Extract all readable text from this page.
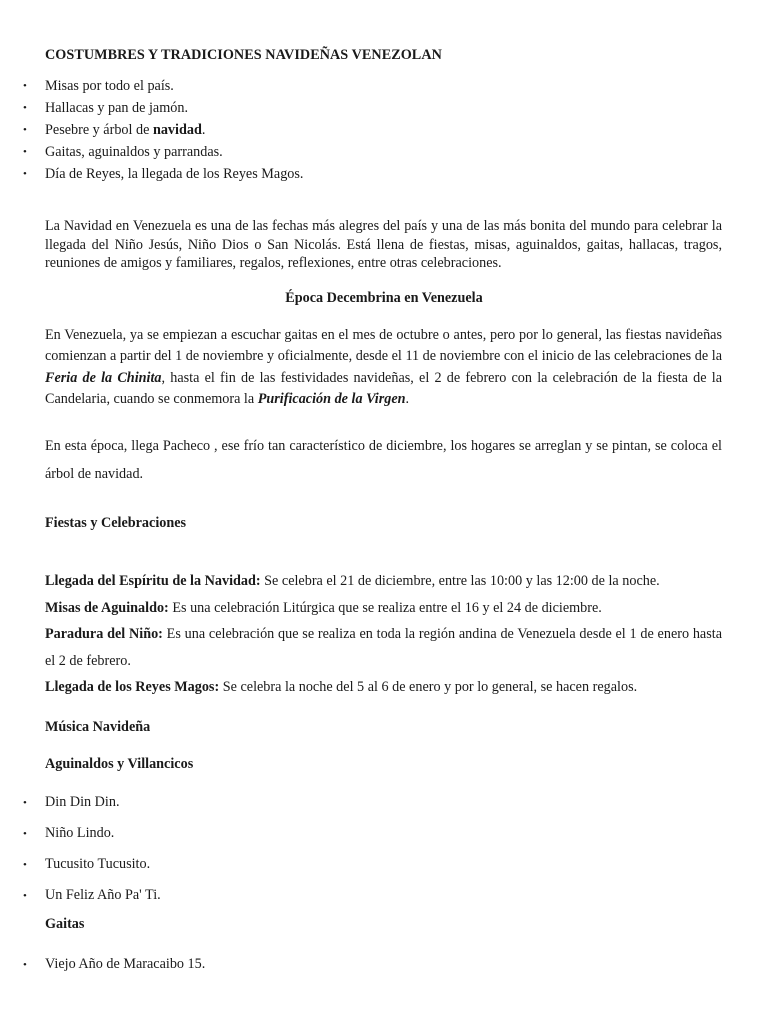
COSTUMBRES Y TRADICIONES NAVIDEÑAS VENEZOLAN
• Misas por todo el país.
• Hallacas y pan de jamón.
• Pesebre y árbol de navidad.
• Gaitas, aguinaldos y parrandas.
• Día de Reyes, la llegada de los Reyes Magos.

La Navidad en Venezuela es una de las fechas más alegres del país y una de las más bonita del mundo para celebrar la llegada del Niño Jesús, Niño Dios o San Nicolás. Está llena de fiestas, misas, aguinaldos, gaitas, hallacas, tragos, reuniones de amigos y familiares, regalos, reflexiones, entre otras celebraciones.

Época Decembrina en Venezuela

En Venezuela, ya se empiezan a escuchar gaitas en el mes de octubre o antes, pero por lo general, las fiestas navideñas comienzan a partir del 1 de noviembre y oficialmente, desde el 11 de noviembre con el inicio de las celebraciones de la Feria de la Chinita, hasta el fin de las festividades navideñas, el 2 de febrero con la celebración de la fiesta de la Candelaria, cuando se conmemora la Purificación de la Virgen.

En esta época, llega Pacheco , ese frío tan característico de diciembre, los hogares se arreglan y se pintan, se coloca el árbol de navidad.

Fiestas y Celebraciones

Llegada del Espíritu de la Navidad: Se celebra el 21 de diciembre, entre las 10:00 y las 12:00 de la noche.

Misas de Aguinaldo: Es una celebración Litúrgica que se realiza entre el 16 y el 24 de diciembre.

Paradura del Niño: Es una celebración que se realiza en toda la región andina de Venezuela desde el 1 de enero hasta el 2 de febrero.

Llegada de los Reyes Magos: Se celebra la noche del 5 al 6 de enero y por lo general, se hacen regalos.

Música Navideña
Aguinaldos y Villancicos
• Din Din Din.
• Niño Lindo.
• Tucusito Tucusito.
• Un Feliz Año Pa' Ti.
Gaitas
• Viejo Año de Maracaibo 15.
